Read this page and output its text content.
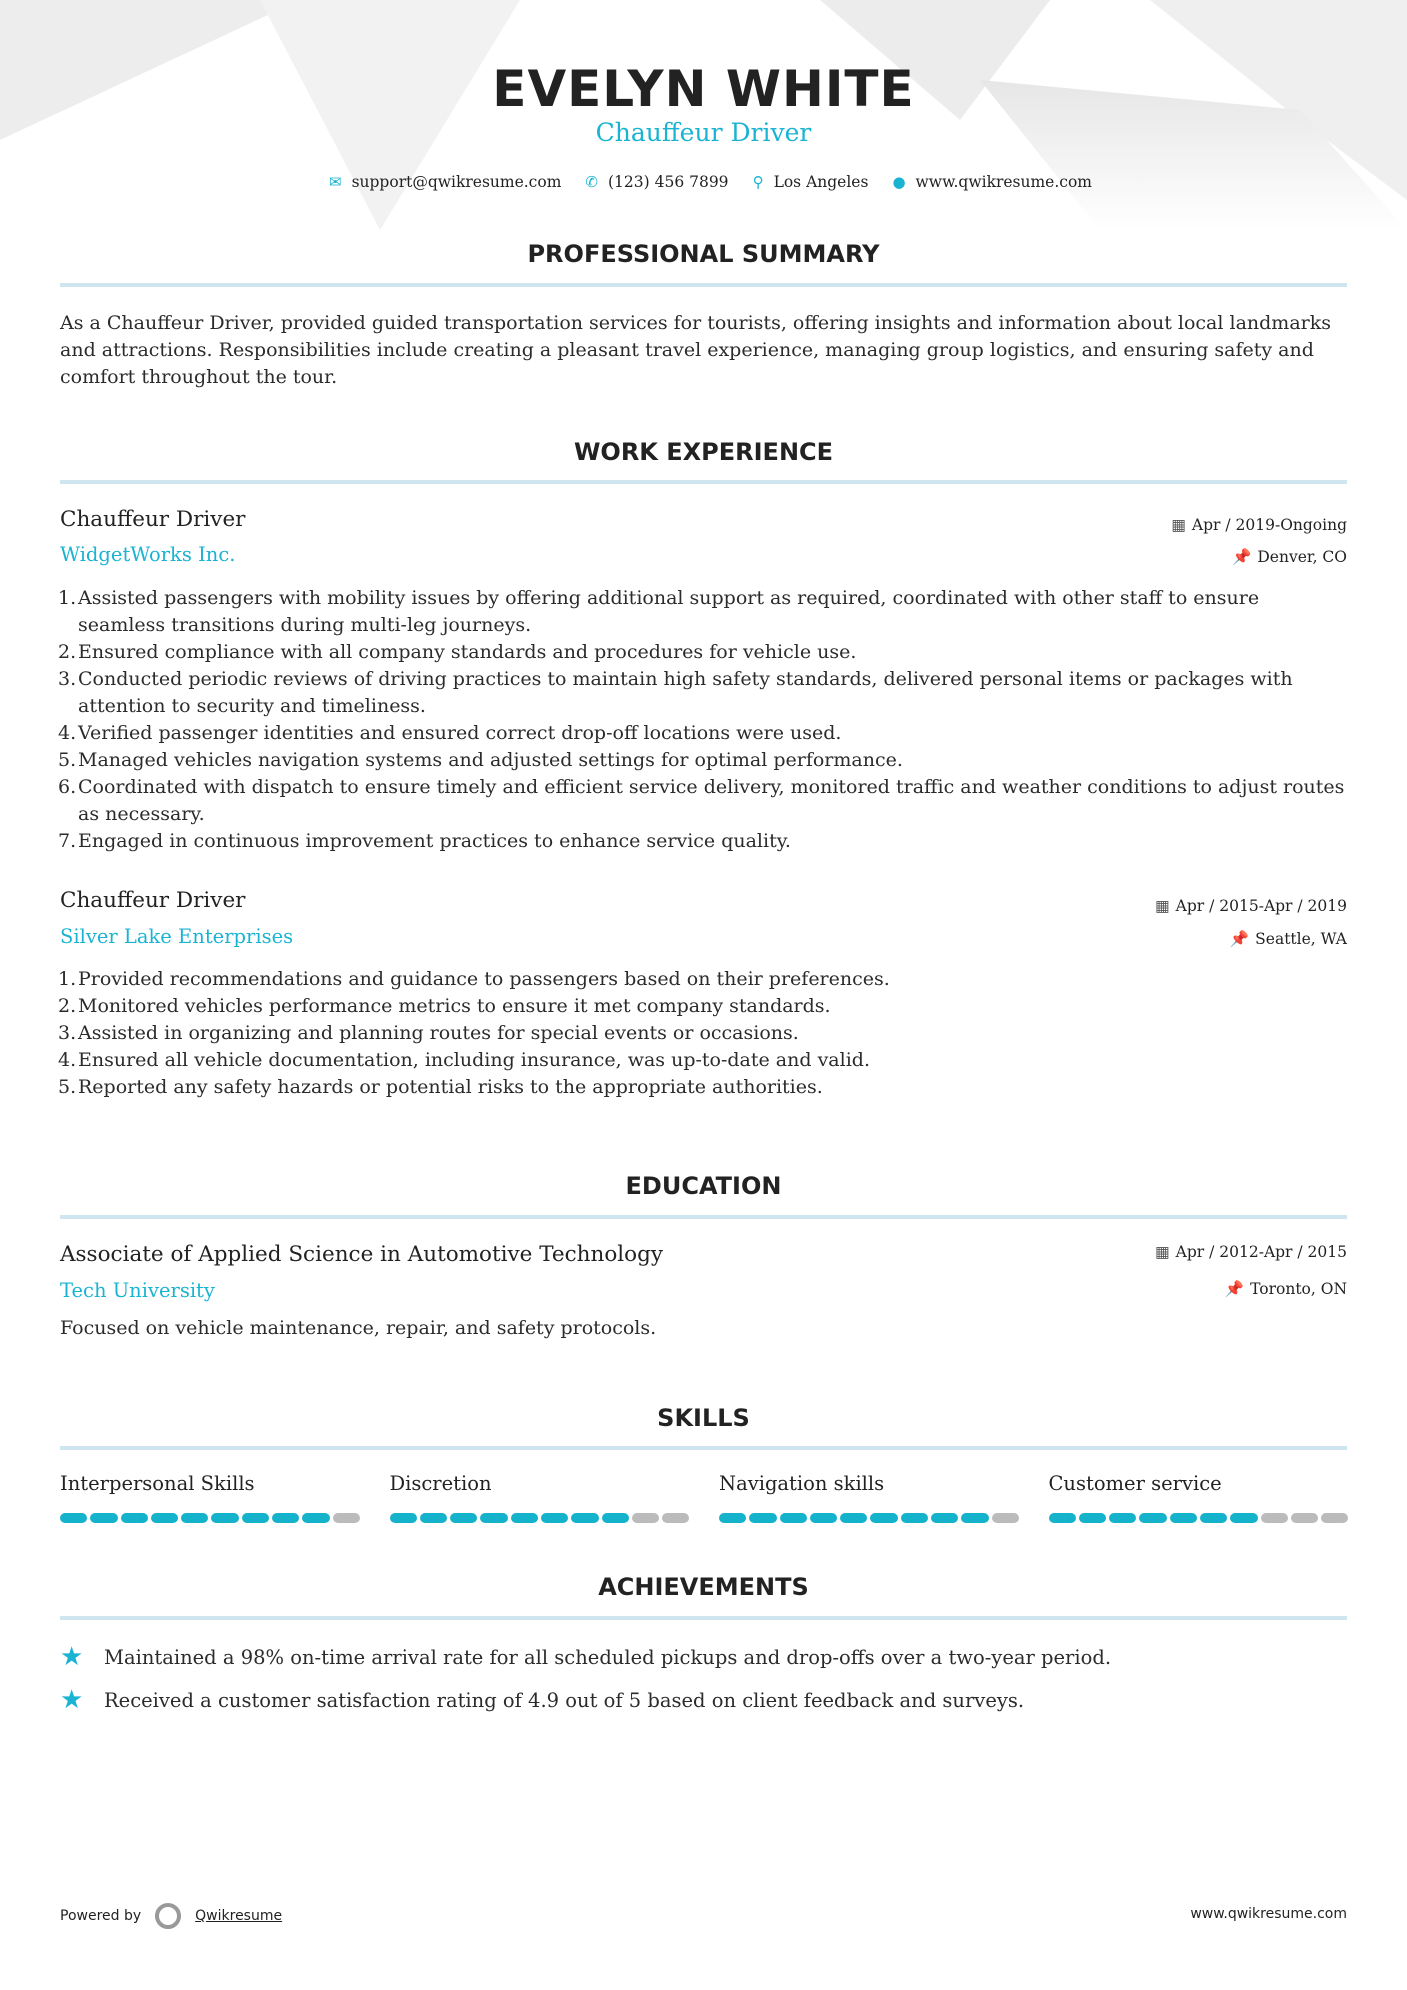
EVELYN WHITE
Chauffeur Driver
✉ support@qwikresume.com ✆ (123) 456 7899 ⚲ Los Angeles ● www.qwikresume.com
PROFESSIONAL SUMMARY
As a Chauffeur Driver, provided guided transportation services for tourists, offering insights and information about local landmarks and attractions. Responsibilities include creating a pleasant travel experience, managing group logistics, and ensuring safety and comfort throughout the tour.
WORK EXPERIENCE
Chauffeur Driver	▦ Apr / 2019-Ongoing
WidgetWorks Inc.	📌 Denver, CO
1. Assisted passengers with mobility issues by offering additional support as required, coordinated with other staff to ensure seamless transitions during multi-leg journeys.
2. Ensured compliance with all company standards and procedures for vehicle use.
3. Conducted periodic reviews of driving practices to maintain high safety standards, delivered personal items or packages with attention to security and timeliness.
4. Verified passenger identities and ensured correct drop-off locations were used.
5. Managed vehicles navigation systems and adjusted settings for optimal performance.
6. Coordinated with dispatch to ensure timely and efficient service delivery, monitored traffic and weather conditions to adjust routes as necessary.
7. Engaged in continuous improvement practices to enhance service quality.
Chauffeur Driver	▦ Apr / 2015-Apr / 2019
Silver Lake Enterprises	📌 Seattle, WA
1. Provided recommendations and guidance to passengers based on their preferences.
2. Monitored vehicles performance metrics to ensure it met company standards.
3. Assisted in organizing and planning routes for special events or occasions.
4. Ensured all vehicle documentation, including insurance, was up-to-date and valid.
5. Reported any safety hazards or potential risks to the appropriate authorities.
EDUCATION
Associate of Applied Science in Automotive Technology	▦ Apr / 2012-Apr / 2015
Tech University	📌 Toronto, ON
Focused on vehicle maintenance, repair, and safety protocols.
SKILLS
Interpersonal Skills	Discretion	Navigation skills	Customer service
ACHIEVEMENTS
★	Maintained a 98% on-time arrival rate for all scheduled pickups and drop-offs over a two-year period.
★	Received a customer satisfaction rating of 4.9 out of 5 based on client feedback and surveys.
Powered by	Qwikresume	www.qwikresume.com
